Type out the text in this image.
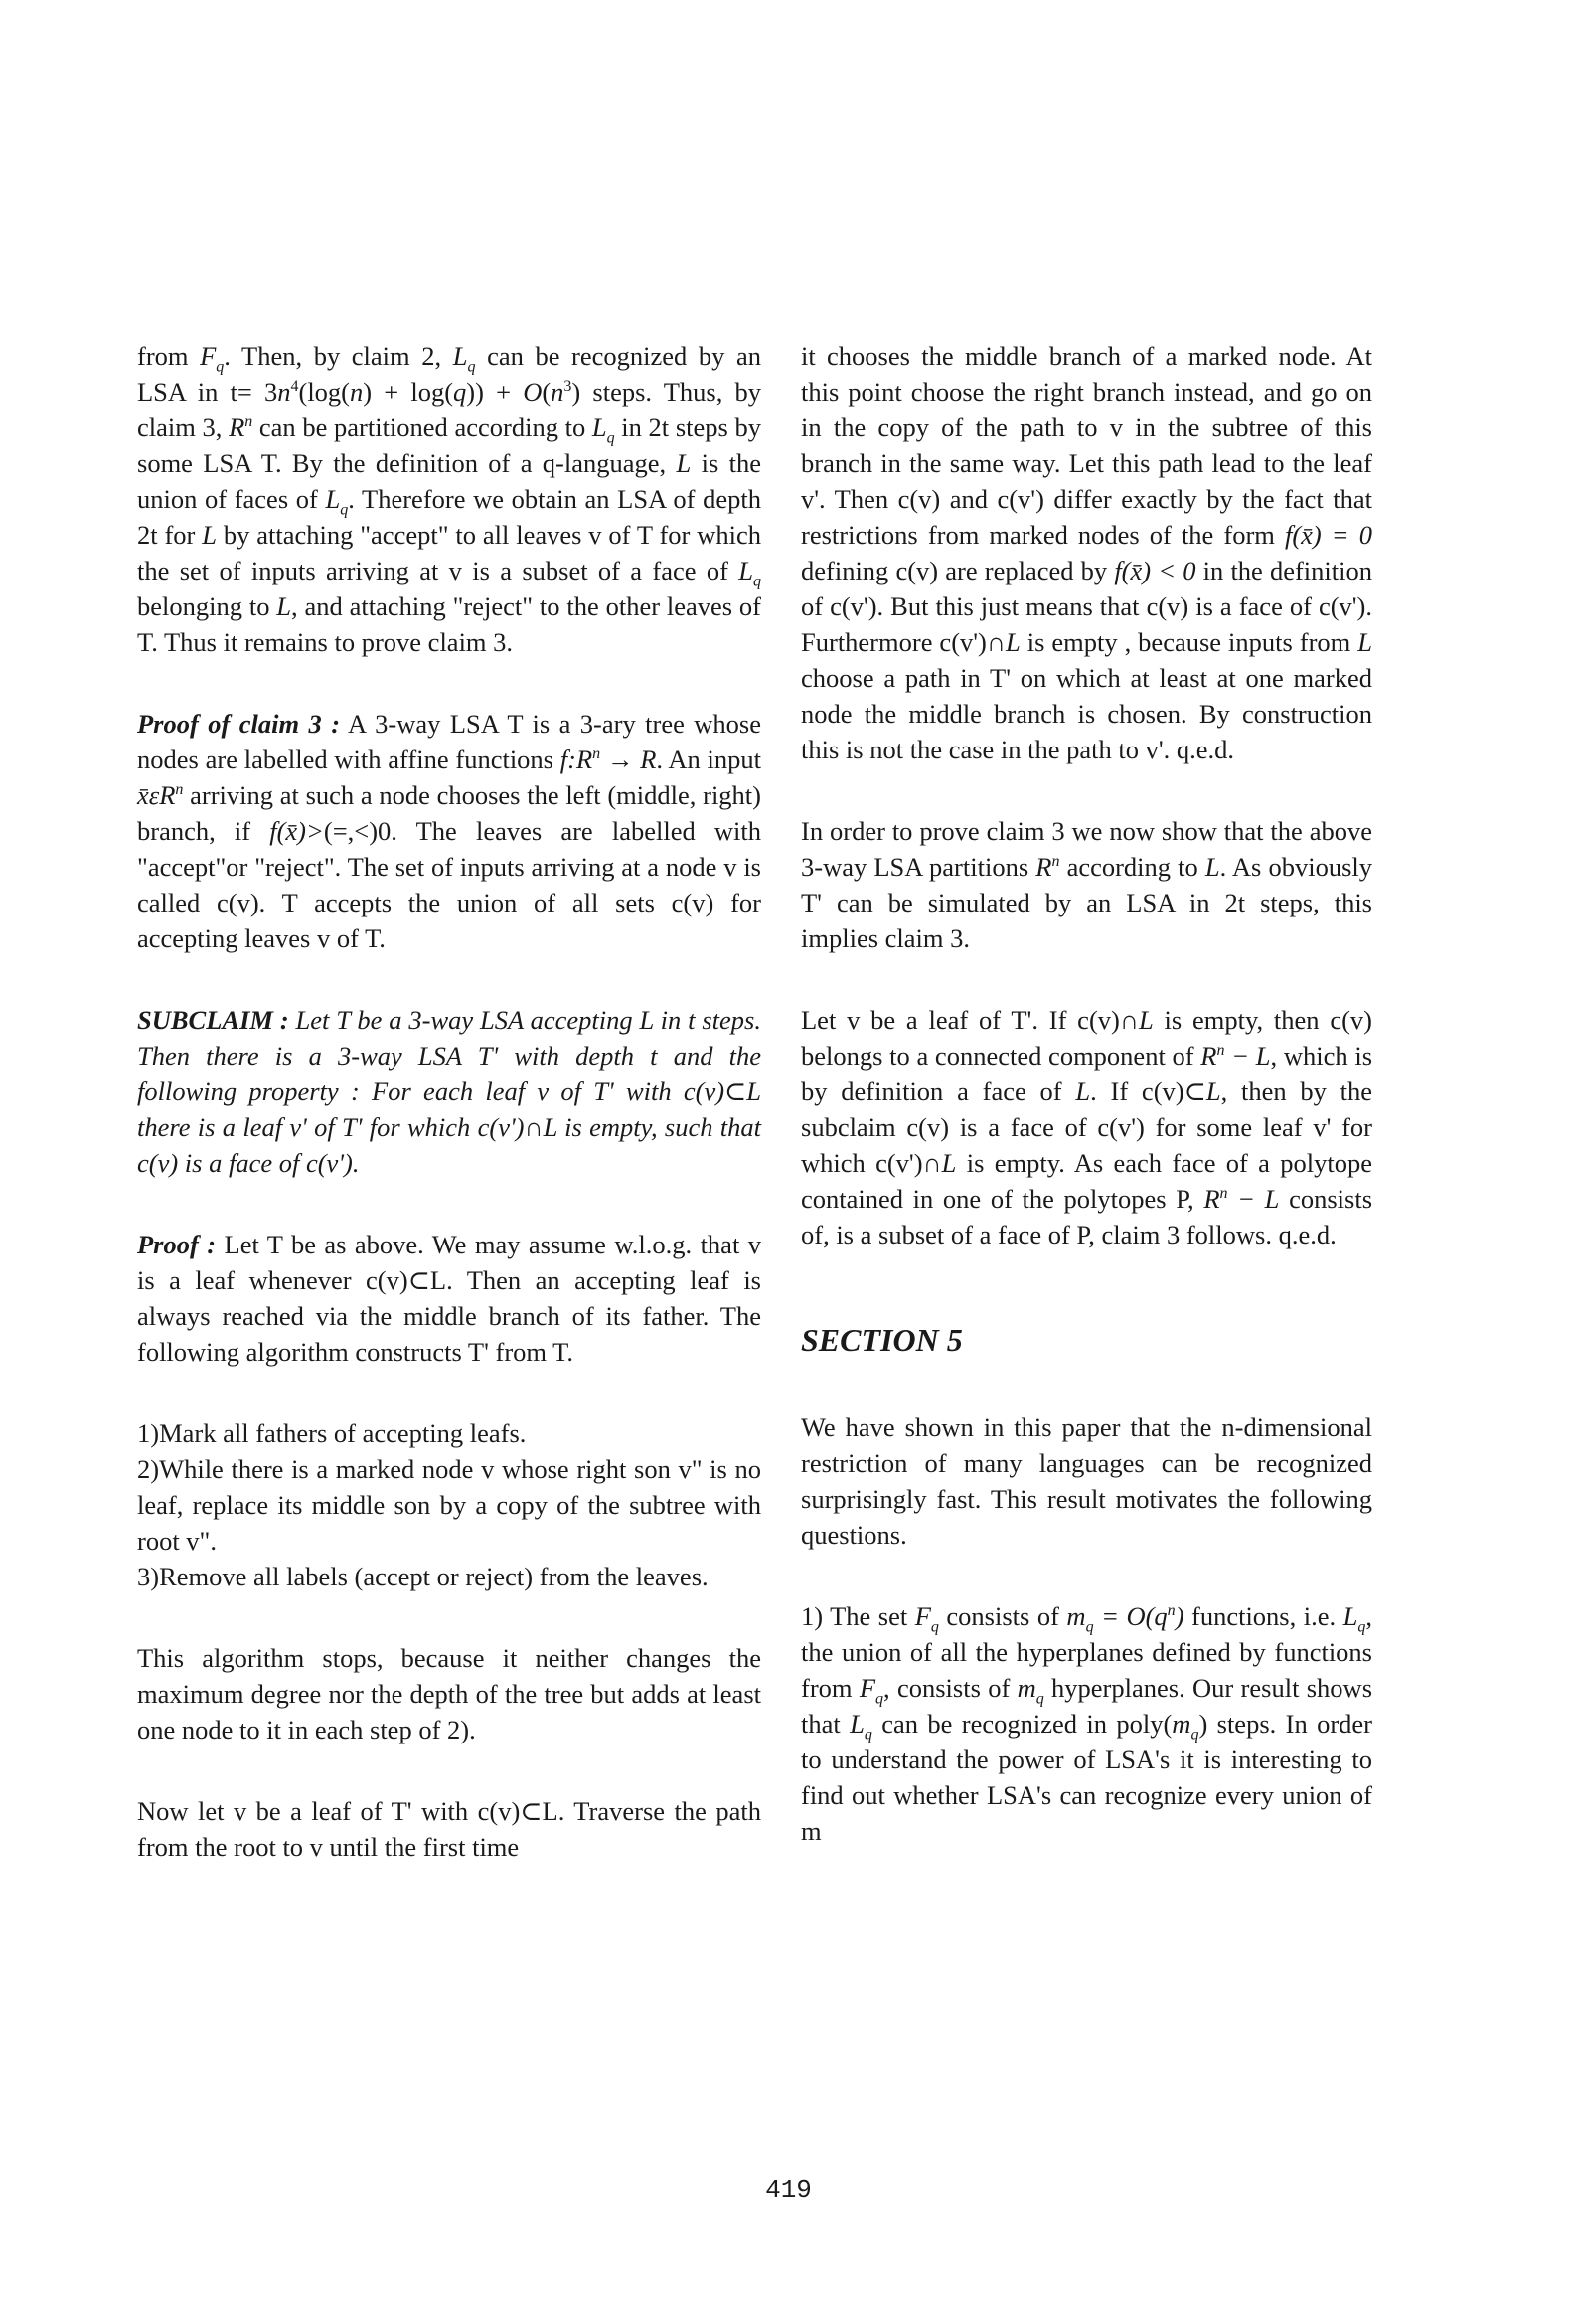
from $F_q$. Then, by claim 2, $L_q$ can be recognized by an LSA in $t= 3n^4(\log(n) + \log(q)) + O(n^3)$ steps. Thus, by claim 3, $R^n$ can be partitioned according to $L_q$ in 2t steps by some LSA T. By the definition of a q-language, L is the union of faces of $L_q$. Therefore we obtain an LSA of depth 2t for L by attaching "accept" to all leaves v of T for which the set of inputs arriving at v is a subset of a face of $L_q$ belonging to L, and attaching "reject" to the other leaves of T. Thus it remains to prove claim 3.

Proof of claim 3 : A 3-way LSA T is a 3-ary tree whose nodes are labelled with affine functions $f:R^n \to R$. An input $x̄\varepsilon R^n$ arriving at such a node chooses the left (middle, right) branch, if f(x̄)>(=,<)0. The leaves are labelled with "accept"or "reject". The set of inputs arriving at a node v is called c(v). T accepts the union of all sets c(v) for accepting leaves v of T.

SUBCLAIM : Let T be a 3-way LSA accepting L in t steps. Then there is a 3-way LSA T' with depth t and the following property : For each leaf v of T' with c(v)⊂L there is a leaf v' of T' for which c(v')∩L is empty, such that c(v) is a face of c(v').

Proof : Let T be as above. We may assume w.l.o.g. that v is a leaf whenever c(v)⊂L. Then an accepting leaf is always reached via the middle branch of its father. The following algorithm constructs T' from T.

1)Mark all fathers of accepting leafs.
2)While there is a marked node v whose right son v" is no leaf, replace its middle son by a copy of the subtree with root v".
3)Remove all labels (accept or reject) from the leaves.

This algorithm stops, because it neither changes the maximum degree nor the depth of the tree but adds at least one node to it in each step of 2).

Now let v be a leaf of T' with c(v)⊂L. Traverse the path from the root to v until the first time

it chooses the middle branch of a marked node. At this point choose the right branch instead, and go on in the copy of the path to v in the subtree of this branch in the same way. Let this path lead to the leaf v'. Then c(v) and c(v') differ exactly by the fact that restrictions from marked nodes of the form f(x̄) = 0 defining c(v) are replaced by f(x̄) < 0 in the definition of c(v'). But this just means that c(v) is a face of c(v'). Furthermore c(v')∩L is empty , because inputs from L choose a path in T' on which at least at one marked node the middle branch is chosen. By construction this is not the case in the path to v'. q.e.d.

In order to prove claim 3 we now show that the above 3-way LSA partitions $R^n$ according to L. As obviously T' can be simulated by an LSA in 2t steps, this implies claim 3.

Let v be a leaf of T'. If c(v)∩L is empty, then c(v) belongs to a connected component of $R^n - L$, which is by definition a face of L. If c(v)⊂L, then by the subclaim c(v) is a face of c(v') for some leaf v' for which c(v')∩L is empty. As each face of a polytope contained in one of the polytopes P, $R^n - L$ consists of, is a subset of a face of P, claim 3 follows. q.e.d.

SECTION 5

We have shown in this paper that the n-dimensional restriction of many languages can be recognized surprisingly fast. This result motivates the following questions.

1) The set $F_q$ consists of $m_q = O(q^n)$ functions, i.e. $L_q$, the union of all the hyperplanes defined by functions from $F_q$, consists of $m_q$ hyperplanes. Our result shows that $L_q$ can be recognized in $poly(m_q)$ steps. In order to understand the power of LSA's it is interesting to find out whether LSA's can recognize every union of m

419
